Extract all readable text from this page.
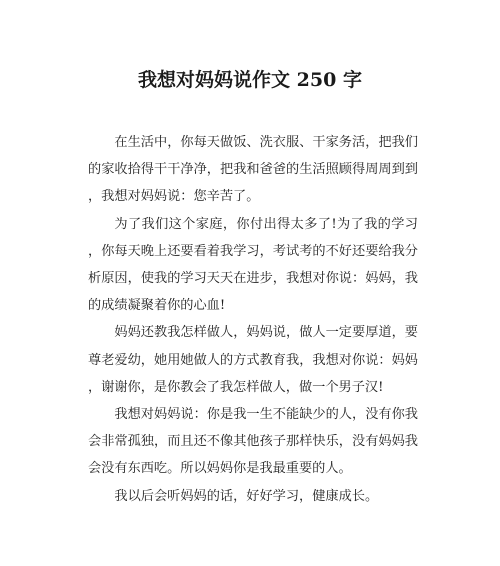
我想对妈妈说作文 250 字

在生活中，你每天做饭、洗衣服、干家务活，把我们的家收拾得干干净净，把我和爸爸的生活照顾得周周到到，我想对妈妈说：您辛苦了。

为了我们这个家庭，你付出得太多了!为了我的学习，你每天晚上还要看着我学习，考试考的不好还要给我分析原因，使我的学习天天在进步，我想对你说：妈妈，我的成绩凝聚着你的心血!

妈妈还教我怎样做人，妈妈说，做人一定要厚道，要尊老爱幼，她用她做人的方式教育我，我想对你说：妈妈，谢谢你，是你教会了我怎样做人，做一个男子汉!

我想对妈妈说：你是我一生不能缺少的人，没有你我会非常孤独，而且还不像其他孩子那样快乐，没有妈妈我会没有东西吃。所以妈妈你是我最重要的人。

我以后会听妈妈的话，好好学习，健康成长。
